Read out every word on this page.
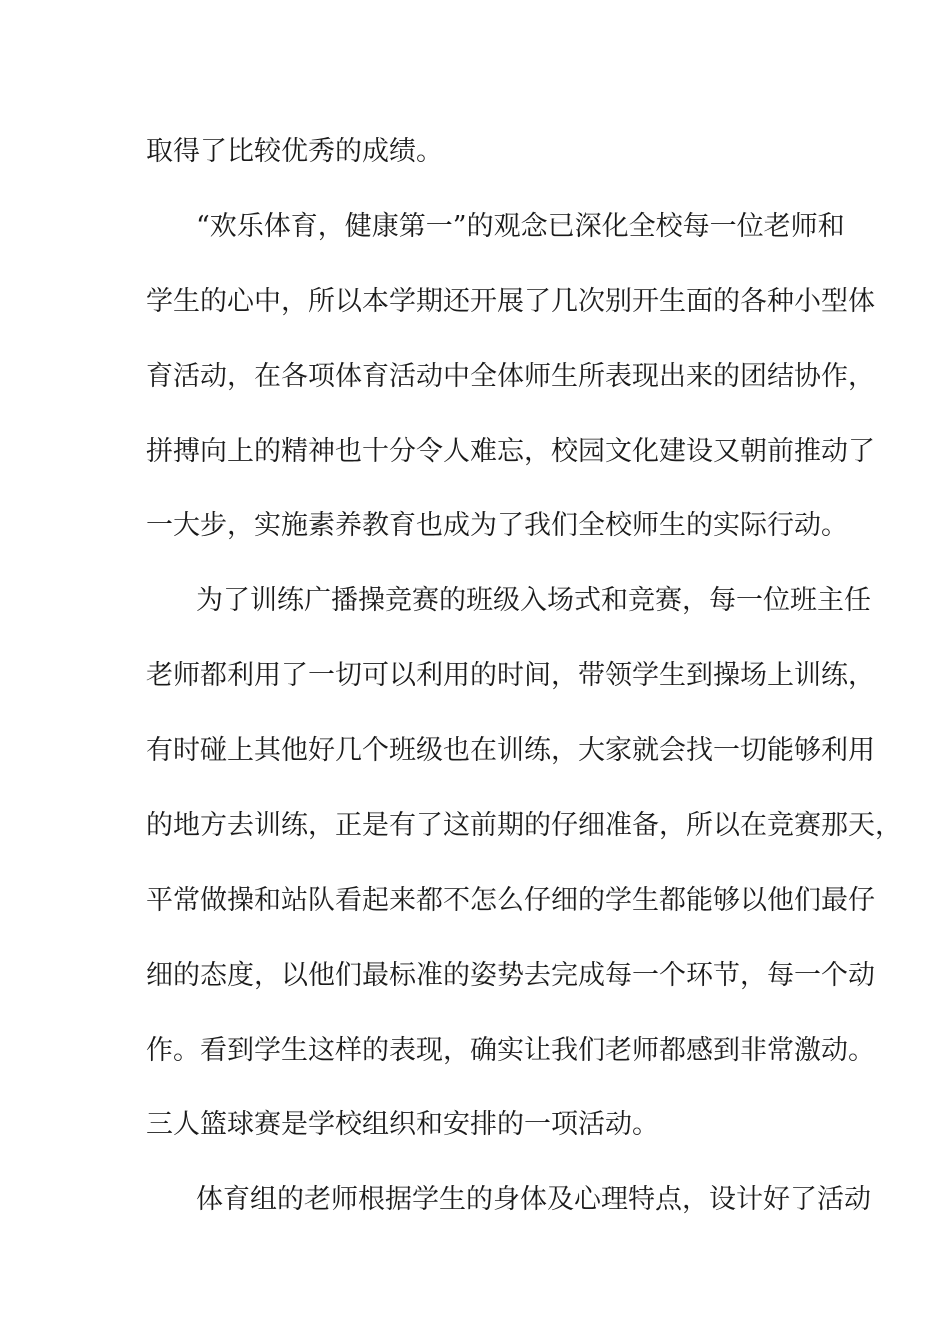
取得了比较优秀的成绩。
“欢乐体育，健康第一”的观念已深化全校每一位老师和
学生的心中，所以本学期还开展了几次别开生面的各种小型体
育活动，在各项体育活动中全体师生所表现出来的团结协作，
拼搏向上的精神也十分令人难忘，校园文化建设又朝前推动了
一大步，实施素养教育也成为了我们全校师生的实际行动。
为了训练广播操竞赛的班级入场式和竞赛，每一位班主任
老师都利用了一切可以利用的时间，带领学生到操场上训练，
有时碰上其他好几个班级也在训练，大家就会找一切能够利用
的地方去训练，正是有了这前期的仔细准备，所以在竞赛那天，
平常做操和站队看起来都不怎么仔细的学生都能够以他们最仔
细的态度，以他们最标准的姿势去完成每一个环节，每一个动
作。看到学生这样的表现，确实让我们老师都感到非常激动。
三人篮球赛是学校组织和安排的一项活动。
体育组的老师根据学生的身体及心理特点，设计好了活动
